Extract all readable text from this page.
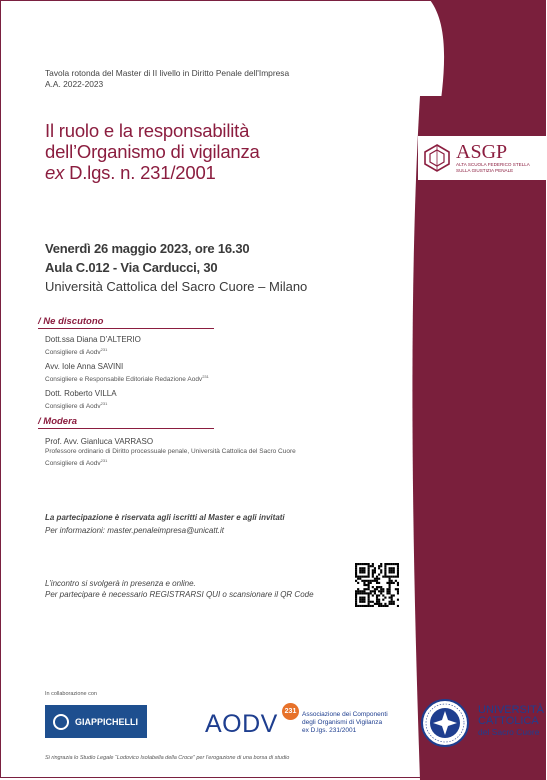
ASGP
ALTA SCUOLA FEDERICO STELLA
SULLA GIUSTIZIA PENALE
Tavola rotonda del Master di II livello in Diritto Penale dell'Impresa
A.A. 2022-2023
Il ruolo e la responsabilità
dell’Organismo di vigilanza
ex D.lgs. n. 231/2001
Venerdì 26 maggio 2023, ore 16.30
Aula C.012 - Via Carducci, 30
Università Cattolica del Sacro Cuore – Milano
/ Ne discutono
Dott.ssa Diana D’ALTERIO
Consigliere di Aodv$^{231}$
Avv. Iole Anna SAVINI
Consigliere e Responsabile Editoriale Redazione Aodv$^{231}$
Dott. Roberto VILLA
Consigliere di Aodv$^{231}$
/ Modera
Prof. Avv. Gianluca VARRASO
Professore ordinario di Diritto processuale penale, Università Cattolica del Sacro Cuore
Consigliere di Aodv$^{231}$
La partecipazione è riservata agli iscritti al Master e agli invitati
Per informazioni: master.penaleimpresa@unicatt.it
L’incontro si svolgerà in presenza e online.
Per partecipare è necessario REGISTRARSI QUI o scansionare il QR Code
In collaborazione con
GIAPPICHELLI	AODV 231 Associazione dei Componenti
degli Organismi di Vigilanza
ex D.lgs. 231/2001
UNIVERSITÀ
CATTOLICA
del Sacro Cuore
Si ringrazia lo Studio Legale “Lodovico Isolabella della Croce” per l’erogazione di una borsa di studio
